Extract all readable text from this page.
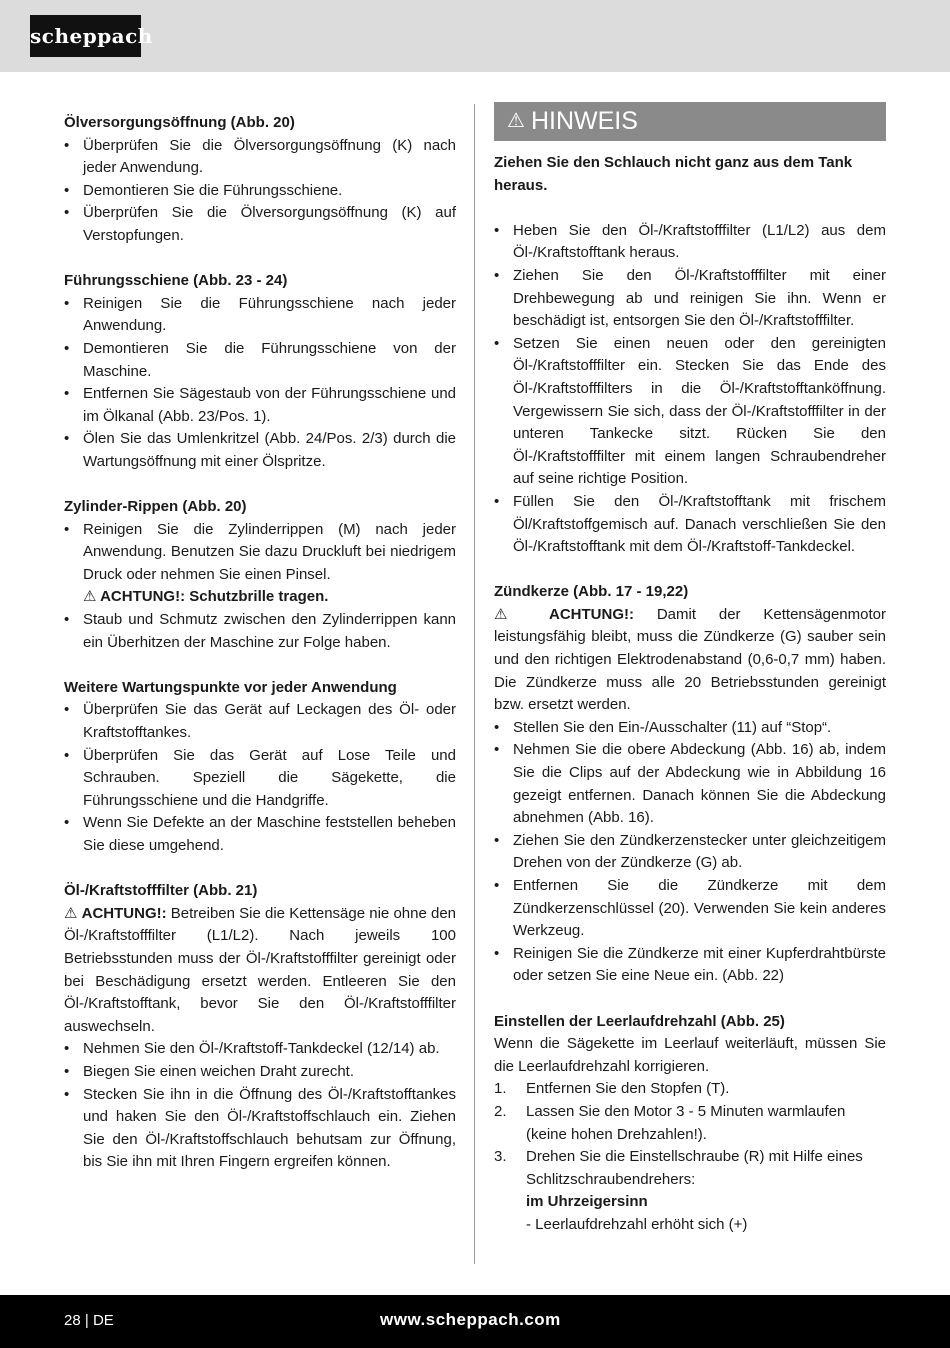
scheppach
Ölversorgungsöffnung (Abb. 20)
• Überprüfen Sie die Ölversorgungsöffnung (K) nach jeder Anwendung.
• Demontieren Sie die Führungsschiene.
• Überprüfen Sie die Ölversorgungsöffnung (K) auf Verstopfungen.
Führungsschiene (Abb. 23 - 24)
• Reinigen Sie die Führungsschiene nach jeder Anwendung.
• Demontieren Sie die Führungsschiene von der Maschine.
• Entfernen Sie Sägestaub von der Führungsschiene und im Ölkanal (Abb. 23/Pos. 1).
• Ölen Sie das Umlenkritzel (Abb. 24/Pos. 2/3) durch die Wartungsöffnung mit einer Ölspritze.
Zylinder-Rippen (Abb. 20)
• Reinigen Sie die Zylinderrippen (M) nach jeder Anwendung. Benutzen Sie dazu Druckluft bei niedrigem Druck oder nehmen Sie einen Pinsel.
⚠ ACHTUNG!: Schutzbrille tragen.
• Staub und Schmutz zwischen den Zylinderrippen kann ein Überhitzen der Maschine zur Folge haben.
Weitere Wartungspunkte vor jeder Anwendung
• Überprüfen Sie das Gerät auf Leckagen des Öl- oder Kraftstofftankes.
• Überprüfen Sie das Gerät auf Lose Teile und Schrauben. Speziell die Sägekette, die Führungsschiene und die Handgriffe.
• Wenn Sie Defekte an der Maschine feststellen beheben Sie diese umgehend.
Öl-/Kraftstofffilter (Abb. 21)
⚠ ACHTUNG!: Betreiben Sie die Kettensäge nie ohne den Öl-/Kraftstofffilter (L1/L2). Nach jeweils 100 Betriebsstunden muss der Öl-/Kraftstofffilter gereinigt oder bei Beschädigung ersetzt werden. Entleeren Sie den Öl-/Kraftstofftank, bevor Sie den Öl-/Kraftstofffilter auswechseln.
• Nehmen Sie den Öl-/Kraftstoff-Tankdeckel (12/14) ab.
• Biegen Sie einen weichen Draht zurecht.
• Stecken Sie ihn in die Öffnung des Öl-/Kraftstofftankes und haken Sie den Öl-/Kraftstoffschlauch ein. Ziehen Sie den Öl-/Kraftstoffschlauch behutsam zur Öffnung, bis Sie ihn mit Ihren Fingern ergreifen können.
⚠ HINWEIS
Ziehen Sie den Schlauch nicht ganz aus dem Tank heraus.
• Heben Sie den Öl-/Kraftstofffilter (L1/L2) aus dem Öl-/Kraftstofftank heraus.
• Ziehen Sie den Öl-/Kraftstofffilter mit einer Drehbewegung ab und reinigen Sie ihn. Wenn er beschädigt ist, entsorgen Sie den Öl-/Kraftstofffilter.
• Setzen Sie einen neuen oder den gereinigten Öl-/Kraftstofffilter ein. Stecken Sie das Ende des Öl-/Kraftstofffilters in die Öl-/Kraftstofftanköffnung. Vergewissern Sie sich, dass der Öl-/Kraftstofffilter in der unteren Tankecke sitzt. Rücken Sie den Öl-/Kraftstofffilter mit einem langen Schraubendreher auf seine richtige Position.
• Füllen Sie den Öl-/Kraftstofftank mit frischem Öl/Kraftstoffgemisch auf. Danach verschließen Sie den Öl-/Kraftstofftank mit dem Öl-/Kraftstoff-Tankdeckel.
Zündkerze (Abb. 17 - 19,22)
⚠ ACHTUNG!: Damit der Kettensägenmotor leistungsfähig bleibt, muss die Zündkerze (G) sauber sein und den richtigen Elektrodenabstand (0,6-0,7 mm) haben. Die Zündkerze muss alle 20 Betriebsstunden gereinigt bzw. ersetzt werden.
• Stellen Sie den Ein-/Ausschalter (11) auf “Stop“.
• Nehmen Sie die obere Abdeckung (Abb. 16) ab, indem Sie die Clips auf der Abdeckung wie in Abbildung 16 gezeigt entfernen. Danach können Sie die Abdeckung abnehmen (Abb. 16).
• Ziehen Sie den Zündkerzenstecker unter gleichzeitigem Drehen von der Zündkerze (G) ab.
• Entfernen Sie die Zündkerze mit dem Zündkerzenschlüssel (20). Verwenden Sie kein anderes Werkzeug.
• Reinigen Sie die Zündkerze mit einer Kupferdrahtbürste oder setzen Sie eine Neue ein. (Abb. 22)
Einstellen der Leerlaufdrehzahl (Abb. 25)
Wenn die Sägekette im Leerlauf weiterläuft, müssen Sie die Leerlaufdrehzahl korrigieren.
1. Entfernen Sie den Stopfen (T).
2. Lassen Sie den Motor 3 - 5 Minuten warmlaufen (keine hohen Drehzahlen!).
3. Drehen Sie die Einstellschraube (R) mit Hilfe eines Schlitzschraubendrehers:
im Uhrzeigersinn
- Leerlaufdrehzahl erhöht sich (+)
28 | DE	www.scheppach.com
